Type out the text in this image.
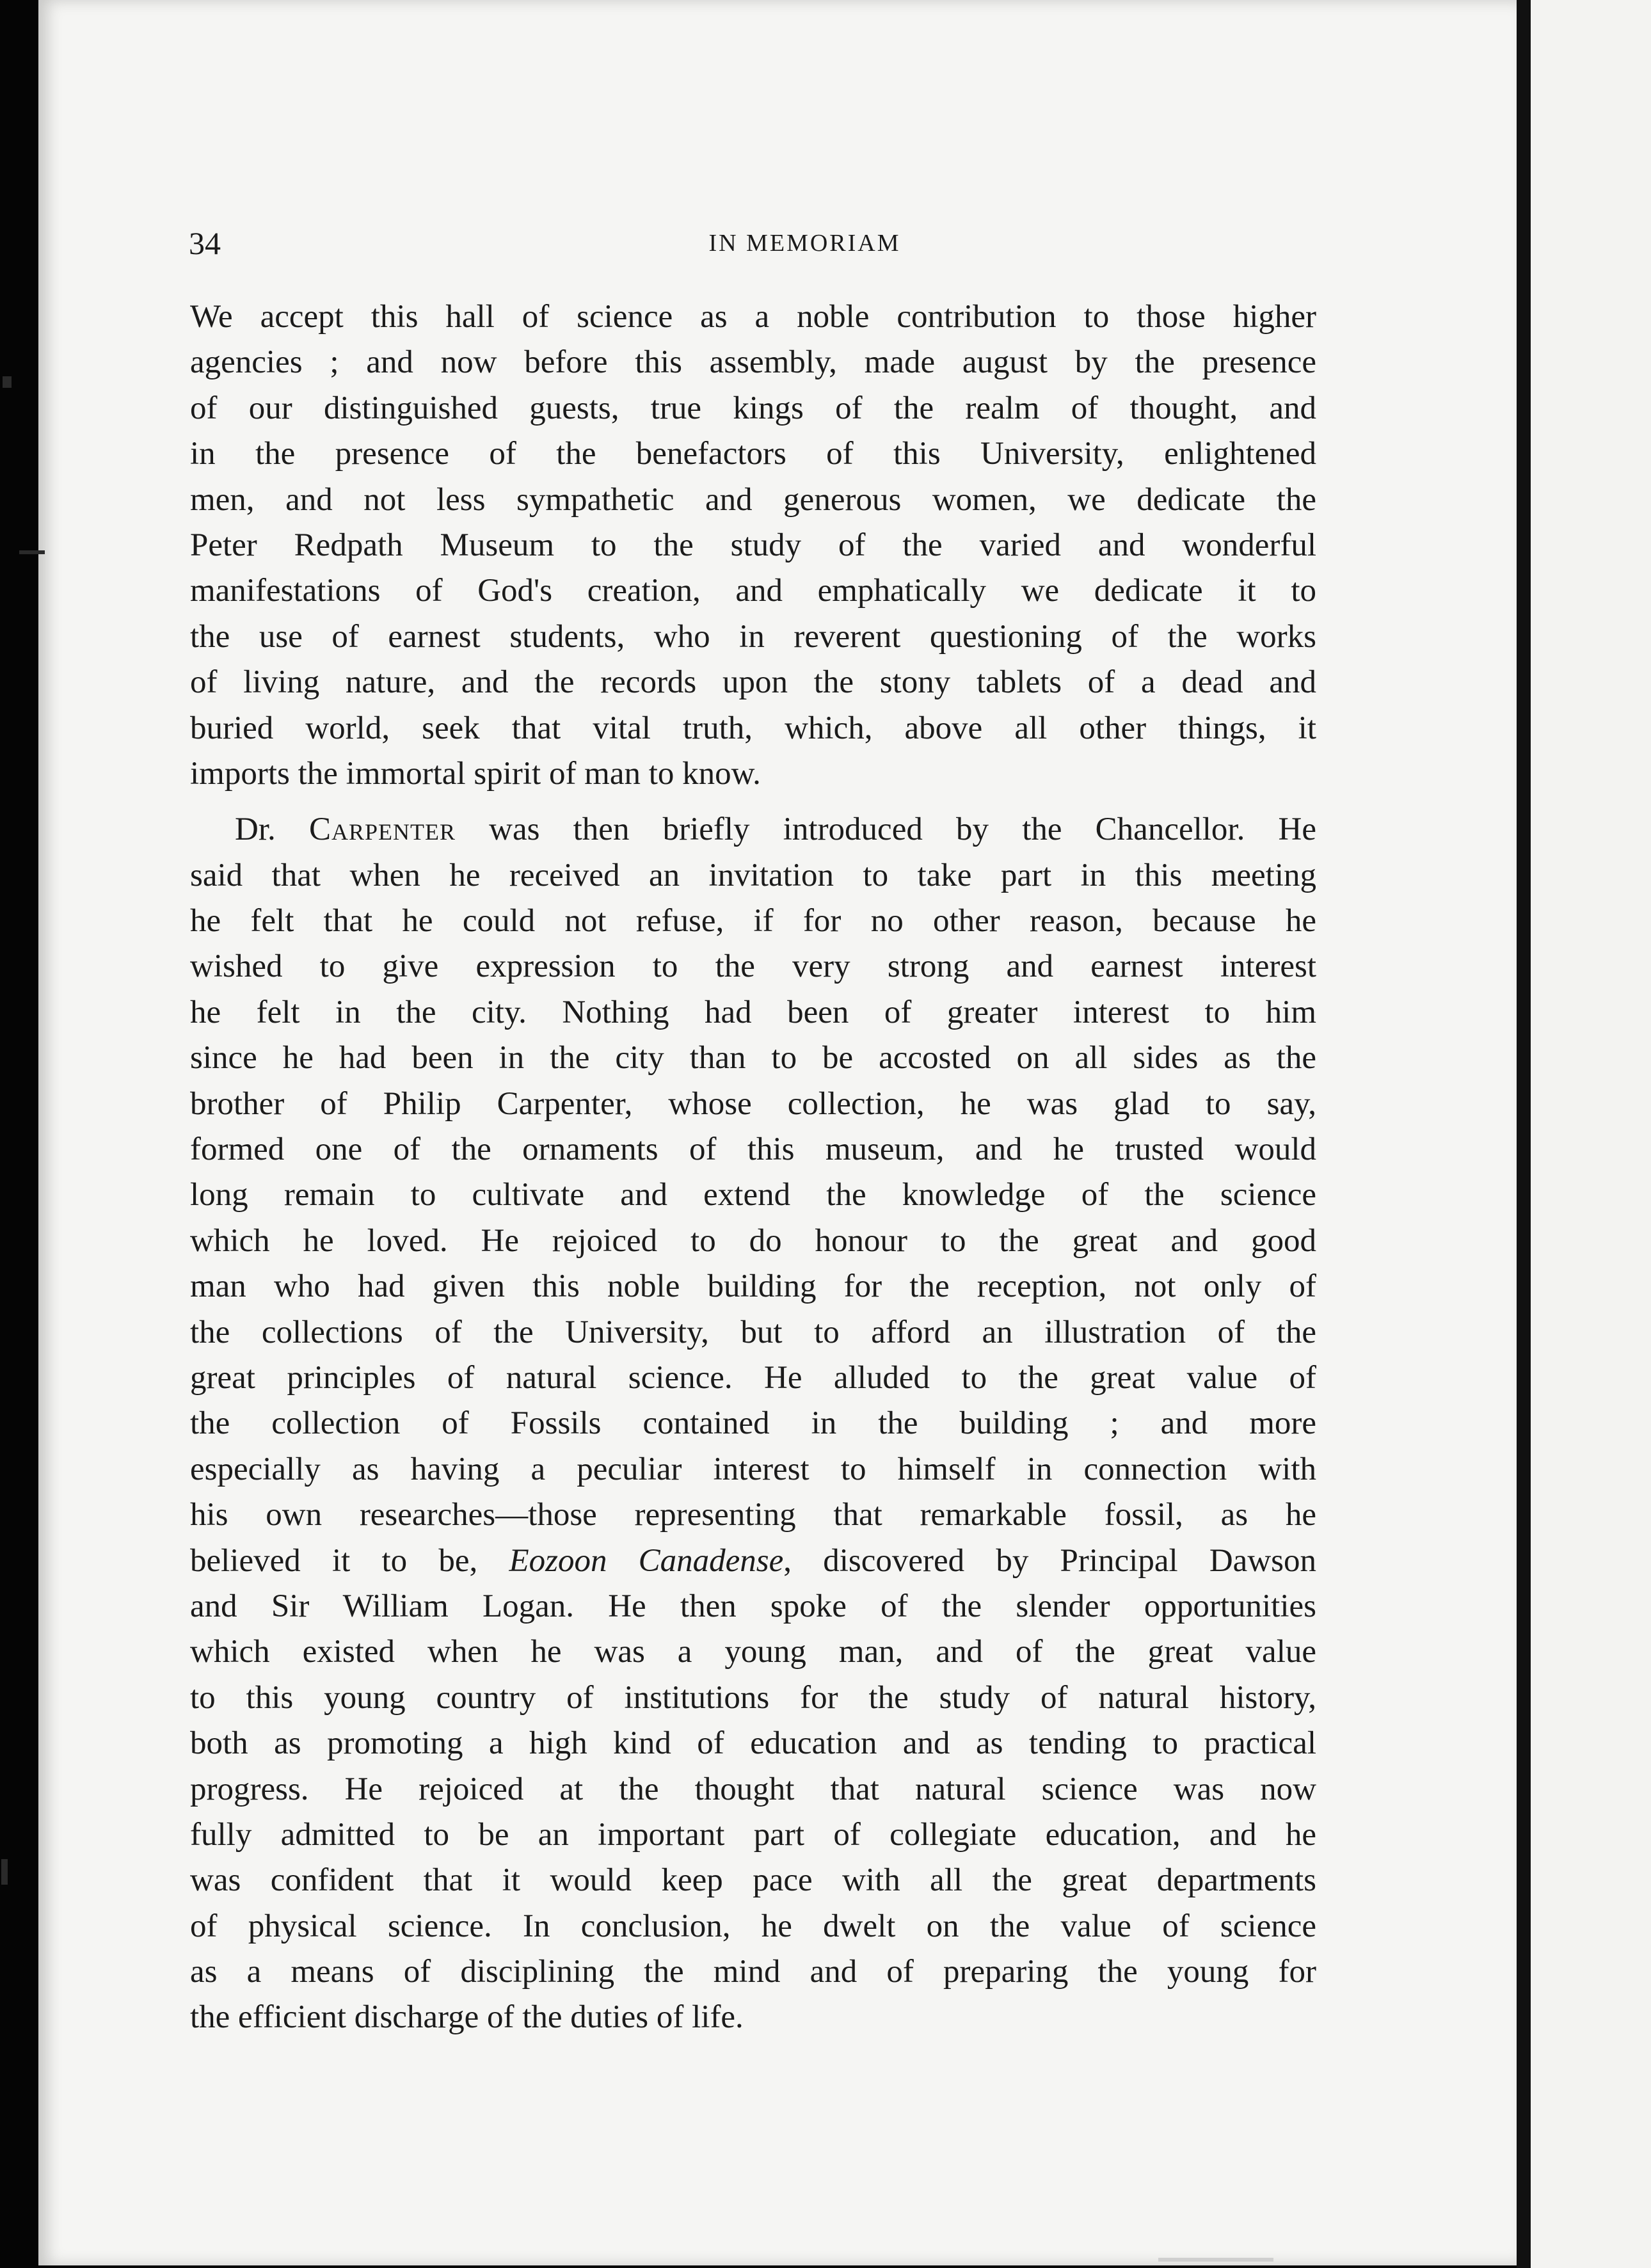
34	IN MEMORIAM
We accept this hall of science as a noble contribution to those higher
agencies ; and now before this assembly, made august by the presence
of our distinguished guests, true kings of the realm of thought, and
in the presence of the benefactors of this University, enlightened
men, and not less sympathetic and generous women, we dedicate the
Peter Redpath Museum to the study of the varied and wonderful
manifestations of God's creation, and emphatically we dedicate it to
the use of earnest students, who in reverent questioning of the works
of living nature, and the records upon the stony tablets of a dead and
buried world, seek that vital truth, which, above all other things, it
imports the immortal spirit of man to know.
Dr. Carpenter was then briefly introduced by the Chancellor. He
said that when he received an invitation to take part in this meeting
he felt that he could not refuse, if for no other reason, because he
wished to give expression to the very strong and earnest interest
he felt in the city. Nothing had been of greater interest to him
since he had been in the city than to be accosted on all sides as the
brother of Philip Carpenter, whose collection, he was glad to say,
formed one of the ornaments of this museum, and he trusted would
long remain to cultivate and extend the knowledge of the science
which he loved. He rejoiced to do honour to the great and good
man who had given this noble building for the reception, not only of
the collections of the University, but to afford an illustration of the
great principles of natural science. He alluded to the great value of
the collection of Fossils contained in the building ; and more
especially as having a peculiar interest to himself in connection with
his own researches—those representing that remarkable fossil, as he
believed it to be, Eozoon Canadense, discovered by Principal Dawson
and Sir William Logan. He then spoke of the slender opportunities
which existed when he was a young man, and of the great value
to this young country of institutions for the study of natural history,
both as promoting a high kind of education and as tending to practical
progress. He rejoiced at the thought that natural science was now
fully admitted to be an important part of collegiate education, and he
was confident that it would keep pace with all the great departments
of physical science. In conclusion, he dwelt on the value of science
as a means of disciplining the mind and of preparing the young for
the efficient discharge of the duties of life.
